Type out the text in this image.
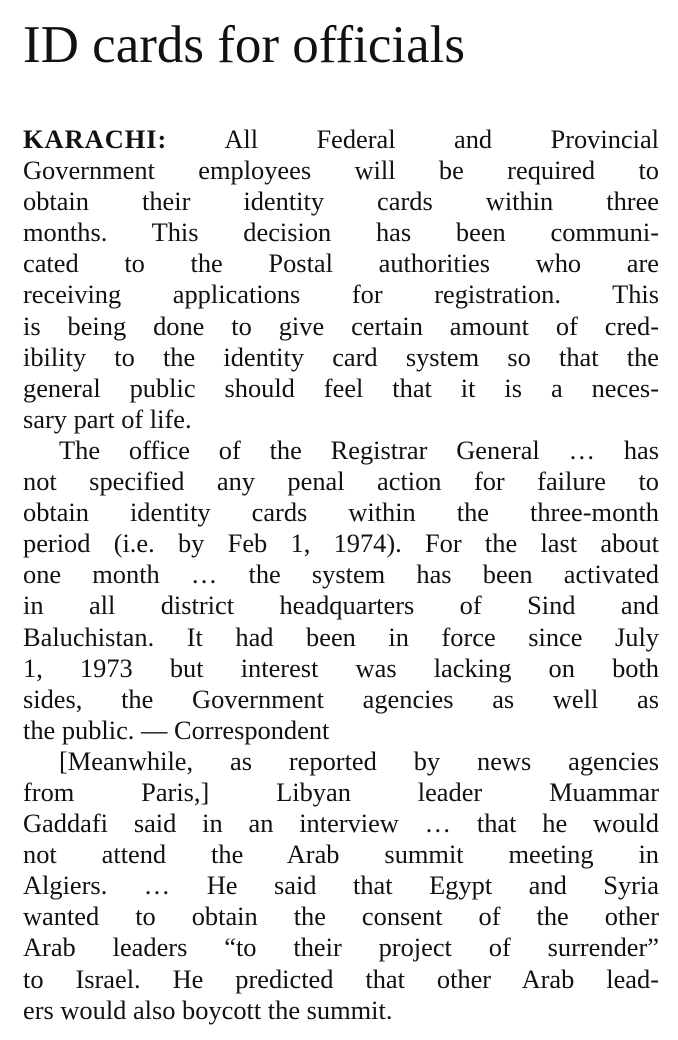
ID cards for officials

KARACHI: All Federal and Provincial
Government employees will be required to
obtain their identity cards within three
months. This decision has been communi-
cated to the Postal authorities who are
receiving applications for registration. This
is being done to give certain amount of cred-
ibility to the identity card system so that the
general public should feel that it is a neces-
sary part of life.

The office of the Registrar General … has
not specified any penal action for failure to
obtain identity cards within the three-month
period (i.e. by Feb 1, 1974). For the last about
one month … the system has been activated
in all district headquarters of Sind and
Baluchistan. It had been in force since July
1, 1973 but interest was lacking on both
sides, the Government agencies as well as
the public. — Correspondent

[Meanwhile, as reported by news agencies
from Paris,] Libyan leader Muammar
Gaddafi said in an interview … that he would
not attend the Arab summit meeting in
Algiers. … He said that Egypt and Syria
wanted to obtain the consent of the other
Arab leaders “to their project of surrender”
to Israel. He predicted that other Arab lead-
ers would also boycott the summit.
